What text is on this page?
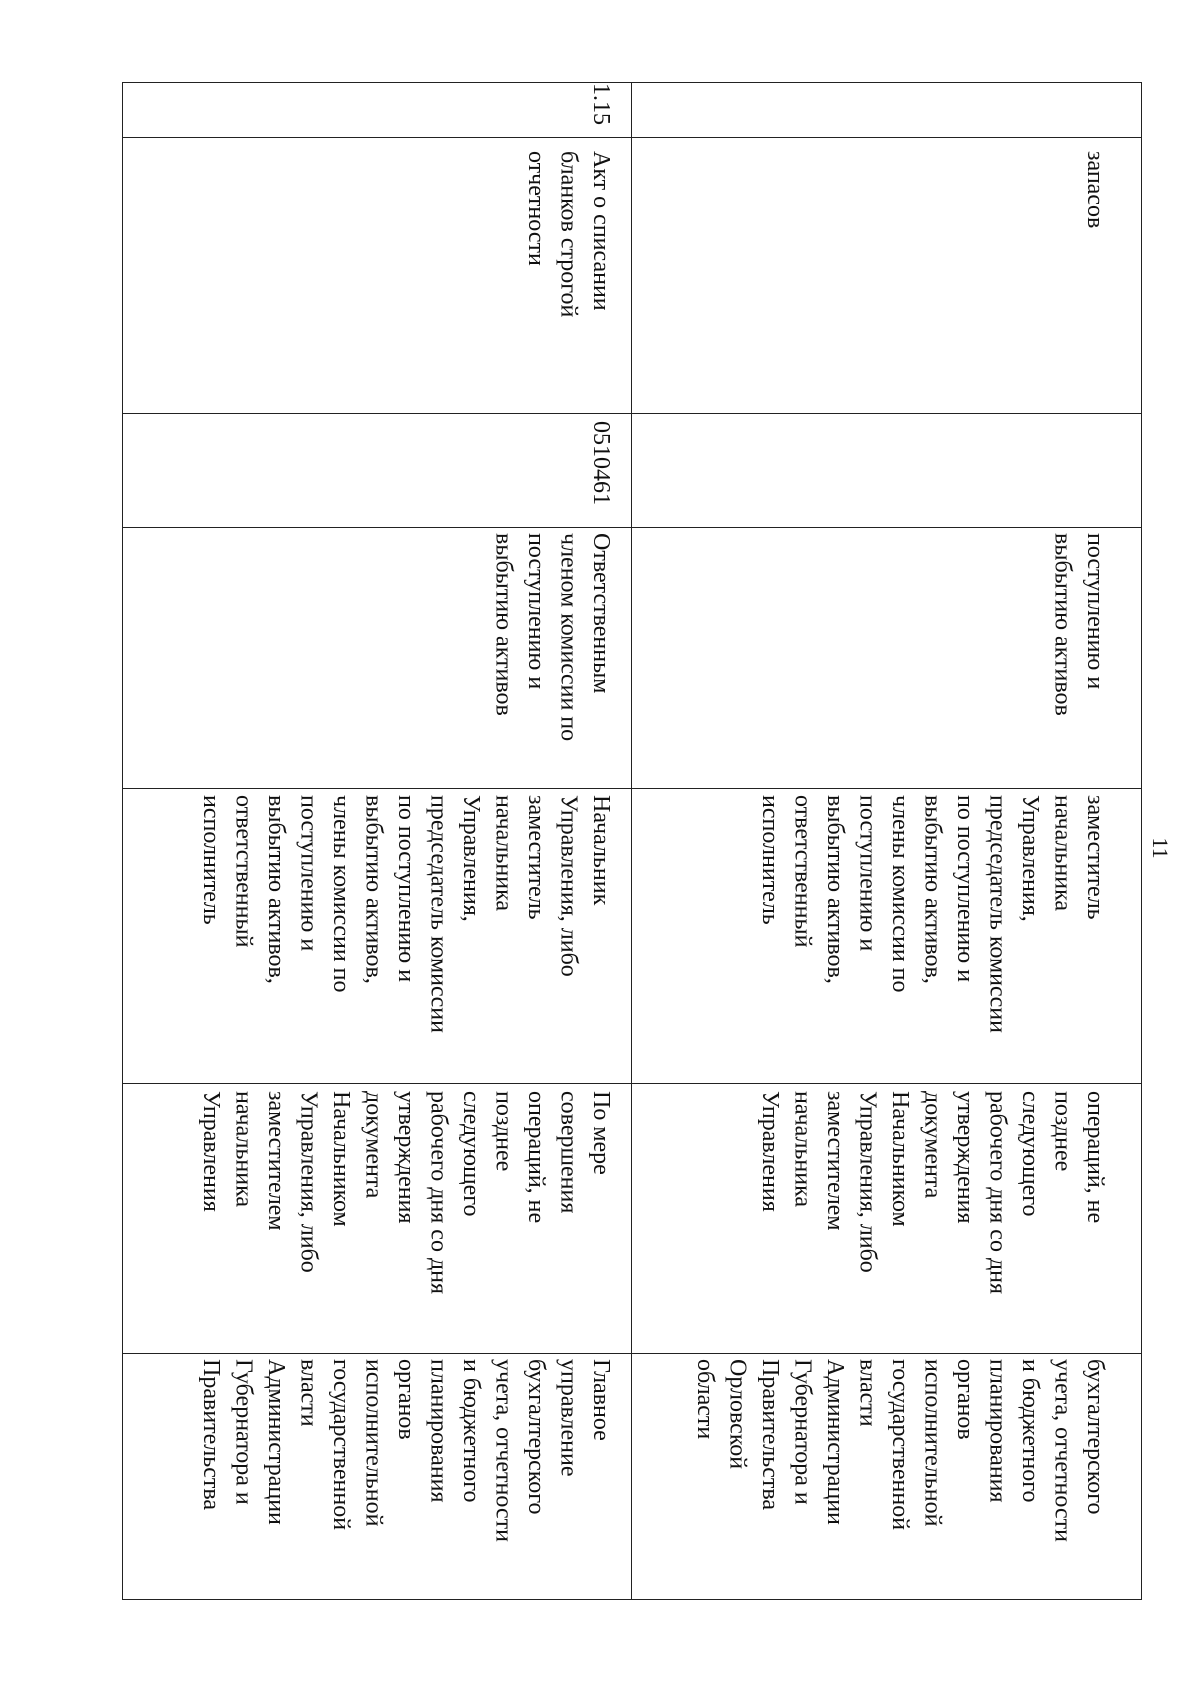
11
запасов
поступлению и
выбытию активов
заместитель
начальника
Управления,
председатель комиссии
по поступлению и
выбытию активов,
члены комиссии по
поступлению и
выбытию активов,
ответственный
исполнитель
операций, не
позднее
следующего
рабочего дня со дня
утверждения
документа
Начальником
Управления, либо
заместителем
начальника
Управления
бухгалтерского
учета, отчетности
и бюджетного
планирования
органов
исполнительной
государственной
власти
Администрации
Губернатора и
Правительства
Орловской
области
1.15
Акт о списании
бланков строгой
отчетности
0510461
Ответственным
членом комиссии по
поступлению и
выбытию активов
Начальник
Управления, либо
заместитель
начальника
Управления,
председатель комиссии
по поступлению и
выбытию активов,
члены комиссии по
поступлению и
выбытию активов,
ответственный
исполнитель
По мере
совершения
операций, не
позднее
следующего
рабочего дня со дня
утверждения
документа
Начальником
Управления, либо
заместителем
начальника
Управления
Главное
управление
бухгалтерского
учета, отчетности
и бюджетного
планирования
органов
исполнительной
государственной
власти
Администрации
Губернатора и
Правительства
